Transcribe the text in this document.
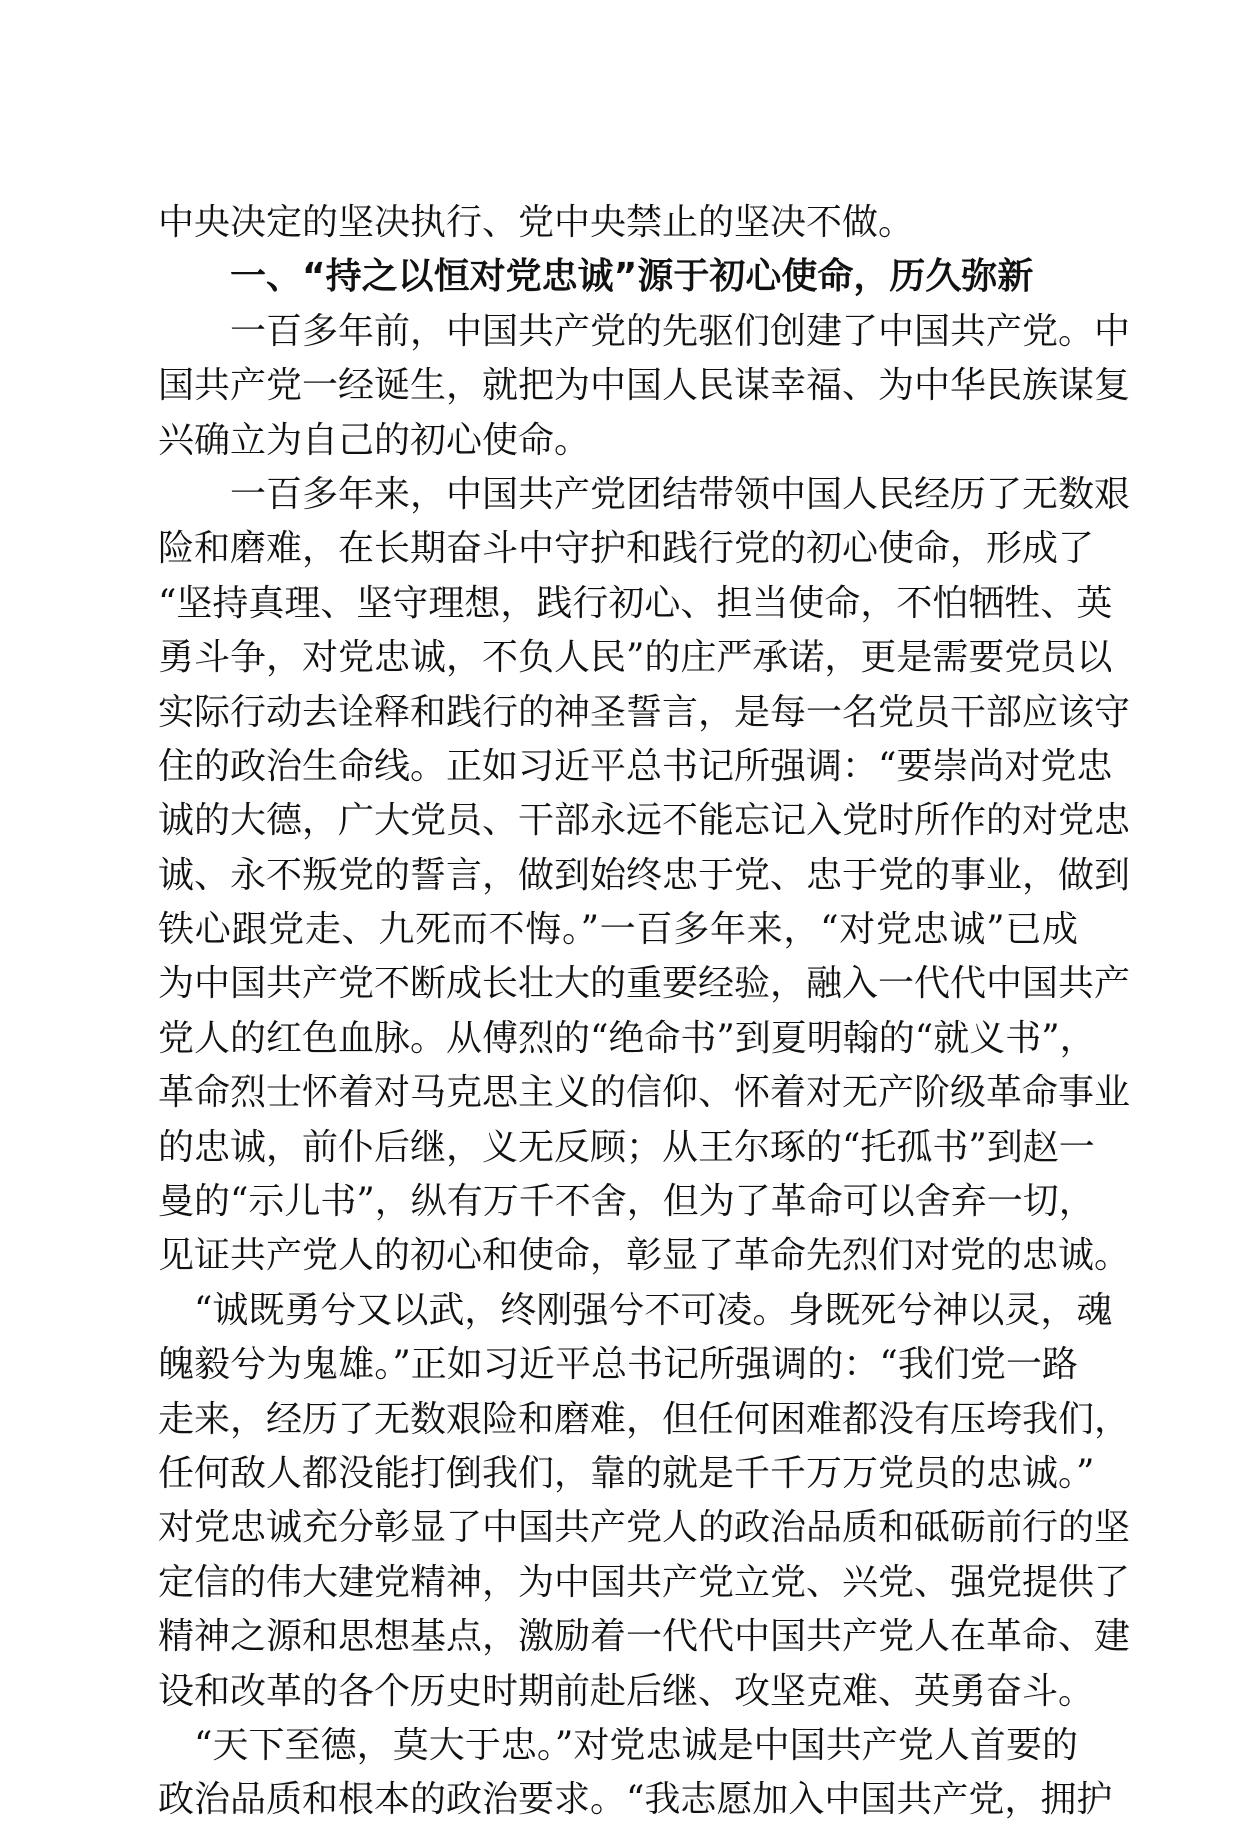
中央决定的坚决执行、党中央禁止的坚决不做。
一、“持之以恒对党忠诚”源于初心使命，历久弥新
一百多年前，中国共产党的先驱们创建了中国共产党。中
国共产党一经诞生，就把为中国人民谋幸福、为中华民族谋复
兴确立为自己的初心使命。
一百多年来，中国共产党团结带领中国人民经历了无数艰
险和磨难，在长期奋斗中守护和践行党的初心使命，形成了
“坚持真理、坚守理想，践行初心、担当使命，不怕牺牲、英
勇斗争，对党忠诚，不负人民”的庄严承诺，更是需要党员以
实际行动去诠释和践行的神圣誓言，是每一名党员干部应该守
住的政治生命线。正如习近平总书记所强调：“要崇尚对党忠
诚的大德，广大党员、干部永远不能忘记入党时所作的对党忠
诚、永不叛党的誓言，做到始终忠于党、忠于党的事业，做到
铁心跟党走、九死而不悔。”一百多年来，“对党忠诚”已成
为中国共产党不断成长壮大的重要经验，融入一代代中国共产
党人的红色血脉。从傅烈的“绝命书”到夏明翰的“就义书”，
革命烈士怀着对马克思主义的信仰、怀着对无产阶级革命事业
的忠诚，前仆后继，义无反顾；从王尔琢的“托孤书”到赵一
曼的“示儿书”，纵有万千不舍，但为了革命可以舍弃一切，
见证共产党人的初心和使命，彰显了革命先烈们对党的忠诚。
“诚既勇兮又以武，终刚强兮不可凌。身既死兮神以灵，魂
魄毅兮为鬼雄。”正如习近平总书记所强调的：“我们党一路
走来，经历了无数艰险和磨难，但任何困难都没有压垮我们，
任何敌人都没能打倒我们，靠的就是千千万万党员的忠诚。”
对党忠诚充分彰显了中国共产党人的政治品质和砥砺前行的坚
定信的伟大建党精神，为中国共产党立党、兴党、强党提供了
精神之源和思想基点，激励着一代代中国共产党人在革命、建
设和改革的各个历史时期前赴后继、攻坚克难、英勇奋斗。
“天下至德，莫大于忠。”对党忠诚是中国共产党人首要的
政治品质和根本的政治要求。“我志愿加入中国共产党，拥护
